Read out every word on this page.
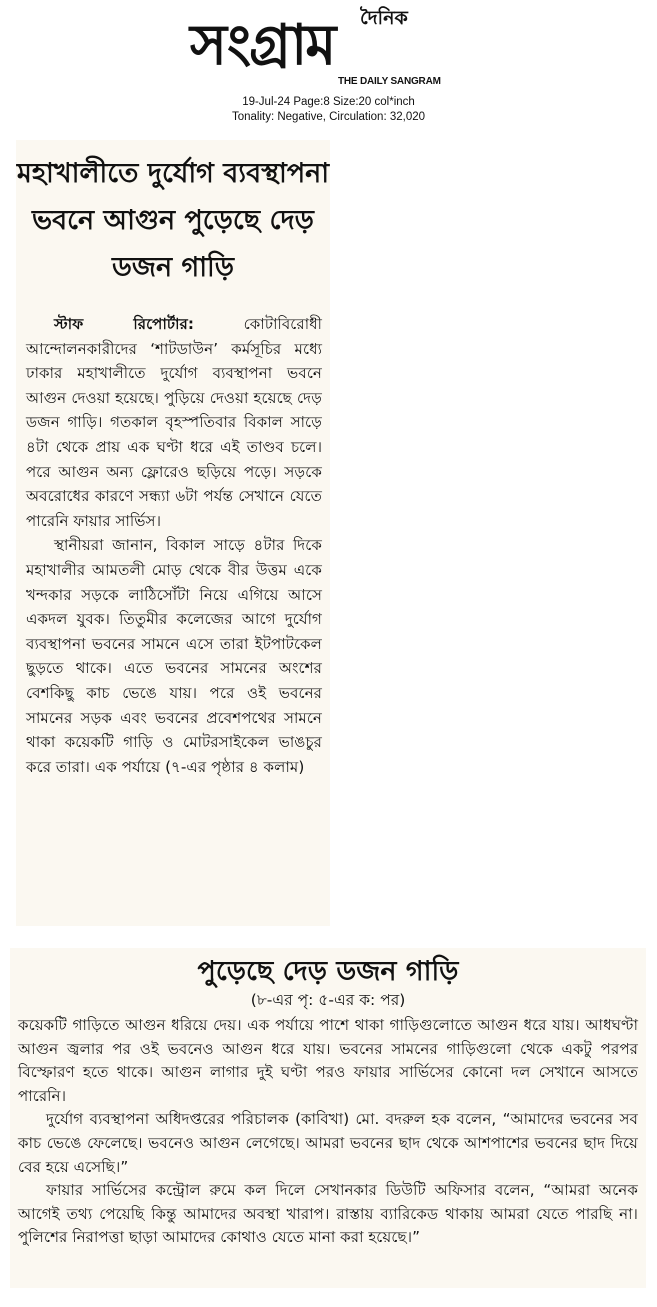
দৈনিক
সংগ্রাম
THE DAILY SANGRAM
19-Jul-24 Page:8 Size:20 col*inch
Tonality: Negative, Circulation: 32,020
মহাখালীতে দুর্যোগ ব্যবস্থাপনা ভবনে আগুন পুড়েছে দেড় ডজন গাড়ি

স্টাফ রিপোর্টার:	কোটাবিরোধী আন্দোলনকারীদের ‘শাটডাউন’ কর্মসূচির মধ্যে ঢাকার মহাখালীতে দুর্যোগ ব্যবস্থাপনা ভবনে আগুন দেওয়া হয়েছে। পুড়িয়ে দেওয়া হয়েছে দেড় ডজন গাড়ি। গতকাল বৃহস্পতিবার বিকাল সাড়ে ৪টা থেকে প্রায় এক ঘণ্টা ধরে এই তাণ্ডব চলে। পরে আগুন অন্য ফ্লোরেও ছড়িয়ে পড়ে। সড়কে অবরোধের কারণে সন্ধ্যা ৬টা পর্যন্ত সেখানে যেতে পারেনি ফায়ার সার্ভিস।

স্থানীয়রা জানান, বিকাল সাড়ে ৪টার দিকে মহাখালীর আমতলী মোড় থেকে বীর উত্তম একে খন্দকার সড়কে লাঠিসোঁটা নিয়ে এগিয়ে আসে একদল যুবক। তিতুমীর কলেজের আগে দুর্যোগ ব্যবস্থাপনা ভবনের সামনে এসে তারা ইটপাটকেল ছুড়তে থাকে। এতে ভবনের সামনের অংশের বেশকিছু কাচ ভেঙে যায়। পরে ওই ভবনের সামনের সড়ক এবং ভবনের প্রবেশপথের সামনে থাকা কয়েকটি গাড়ি ও মোটরসাইকেল ভাঙচুর করে তারা। এক পর্যায়ে (৭-এর পৃষ্ঠার ৪ কলাম)

পুড়েছে দেড় ডজন গাড়ি
(৮-এর পৃ: ৫-এর ক: পর)

কয়েকটি গাড়িতে আগুন ধরিয়ে দেয়। এক পর্যায়ে পাশে থাকা গাড়িগুলোতে আগুন ধরে যায়। আধঘণ্টা আগুন জ্বলার পর ওই ভবনেও আগুন ধরে যায়। ভবনের সামনের গাড়িগুলো থেকে একটু পরপর বিস্ফোরণ হতে থাকে। আগুন লাগার দুই ঘণ্টা পরও ফায়ার সার্ভিসের কোনো দল সেখানে আসতে পারেনি।

দুর্যোগ ব্যবস্থাপনা অধিদপ্তরের পরিচালক (কাবিখা) মো. বদরুল হক বলেন, “আমাদের ভবনের সব কাচ ভেঙে ফেলেছে। ভবনেও আগুন লেগেছে। আমরা ভবনের ছাদ থেকে আশপাশের ভবনের ছাদ দিয়ে বের হয়ে এসেছি।”

ফায়ার সার্ভিসের কন্ট্রোল রুমে কল দিলে সেখানকার ডিউটি অফিসার বলেন, “আমরা অনেক আগেই তথ্য পেয়েছি কিন্তু আমাদের অবস্থা খারাপ। রাস্তায় ব্যারিকেড থাকায় আমরা যেতে পারছি না। পুলিশের নিরাপত্তা ছাড়া আমাদের কোথাও যেতে মানা করা হয়েছে।”
